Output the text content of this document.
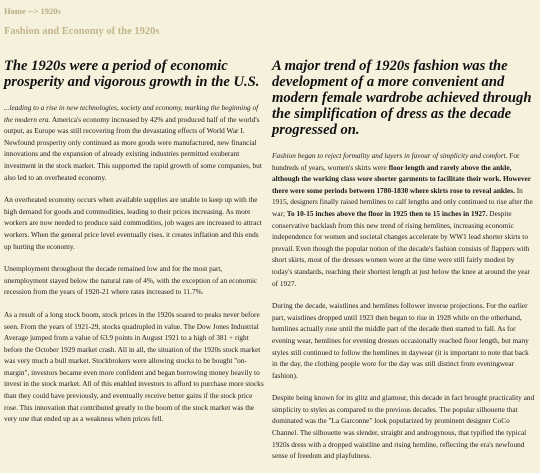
Home --> 1920s
Fashion and Economy of the 1920s
The 1920s were a period of economic prosperity and vigorous growth in the U.S.

...leading to a rise in new technologies, society and economy, marking the beginning of the modern era. America's economy increased by 42% and produced half of the world's output, as Europe was still recovering from the devastating effects of World War I. Newfound prosperity only continued as more goods were manufactured, new financial innovations and the expansion of already existing industries permitted exuberant investment in the stock market. This supported the rapid growth of some companies, but also led to an overheated economy.

An overheated economy occurs when available supplies are unable to keep up with the high demand for goods and commodities, leading to their prices increasing. As more workers are now needed to produce said commodities, job wages are increased to attract workers. When the general price level eventually rises, it creates inflation and this ends up hurting the economy.

Unemployment throughout the decade remained low and for the most part, unemployment stayed below the natural rate of 4%, with the exception of an economic recession from the years of 1920-21 where rates increased to 11.7%.

As a result of a long stock boom, stock prices in the 1920s soared to peaks never before seen. From the years of 1921-29, stocks quadrupled in value. The Dow Jones Industrial Average jumped from a value of 63.9 points in August 1921 to a high of 381 + right before the October 1929 market crash. All in all, the situation of the 1920s stock market was very much a bull market. Stockbrokers were allowing stocks to be bought "on-margin", investors became even more confident and began borrowing money heavily to invest in the stock market. All of this enabled investors to afford to purchase more stocks than they could have previously, and eventually receive better gains if the stock price rose. This innovation that contributed greatly to the boom of the stock market was the very one that ended up as a weakness when prices fell.

A major trend of 1920s fashion was the development of a more convenient and modern female wardrobe achieved through the simplification of dress as the decade progressed on.

Fashion began to reject formality and layers in favour of simplicity and comfort. For hundreds of years, women's skirts were floor length and rarely above the ankle, although the working class wore shorter garments to facilitate their work. However there were some periods between 1780-1830 where skirts rose to reveal ankles. In 1915, designers finally raised hemlines to calf lengths and only continued to rise after the war; To 10-15 inches above the floor in 1925 then to 15 inches in 1927. Despite conservative backlash from this new trend of rising hemlines, increasing economic independence for women and societal changes accelerate by WW1 lead shorter skirts to prevail. Even though the popular notion of the decade's fashion consists of flappers with short skirts, most of the dresses women wore at the time were still fairly modest by today's standards, reaching their shortest length at just below the knee at around the year of 1927.

During the decade, waistlines and hemlines follower inverse projections. For the earlier part, waistlines dropped until 1923 then began to rise in 1928 while on the otherhand, hemlines actually rose until the middle part of the decade then started to fall. As for evening wear, hemlines for evening dresses occasionally reached floor length, but many styles still continued to follow the hemlines in daywear (it is important to note that back in the day, the clothing people wore for the day was still distinct from eveningwear fashion).

Despite being known for its glitz and glamour, this decade in fact brought practicality and simplicity to styles as compared to the previous decades. The popular silhouette that dominated was the "La Garconne" look popularized by prominent designer CoCo Channel. The silhouette was slender, straight and androgynous, that typified the typical 1920s dress with a dropped waistline and rising hemline, reflecting the era's newfound sense of freedom and playfulness.
